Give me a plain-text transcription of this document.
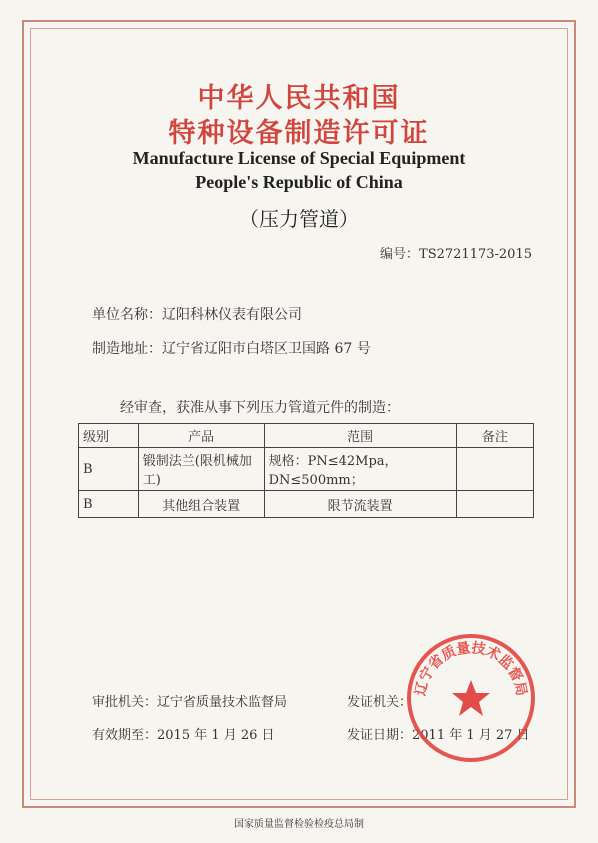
中华人民共和国
特种设备制造许可证
Manufacture License of Special Equipment
People's Republic of China
（压力管道）
编号：TS2721173-2015
单位名称：辽阳科林仪表有限公司
制造地址：辽宁省辽阳市白塔区卫国路 67 号
经审查，获准从事下列压力管道元件的制造：
级别	产品	范围	备注
B	锻制法兰(限机械加工)	规格：PN≤42Mpa，DN≤500mm；	
B	其他组合装置	限节流装置	
审批机关：辽宁省质量技术监督局	发证机关：
有效期至：2015 年 1 月 26 日	发证日期：2011 年 1 月 27 日
辽宁省质量技术监督局
国家质量监督检验检疫总局制
